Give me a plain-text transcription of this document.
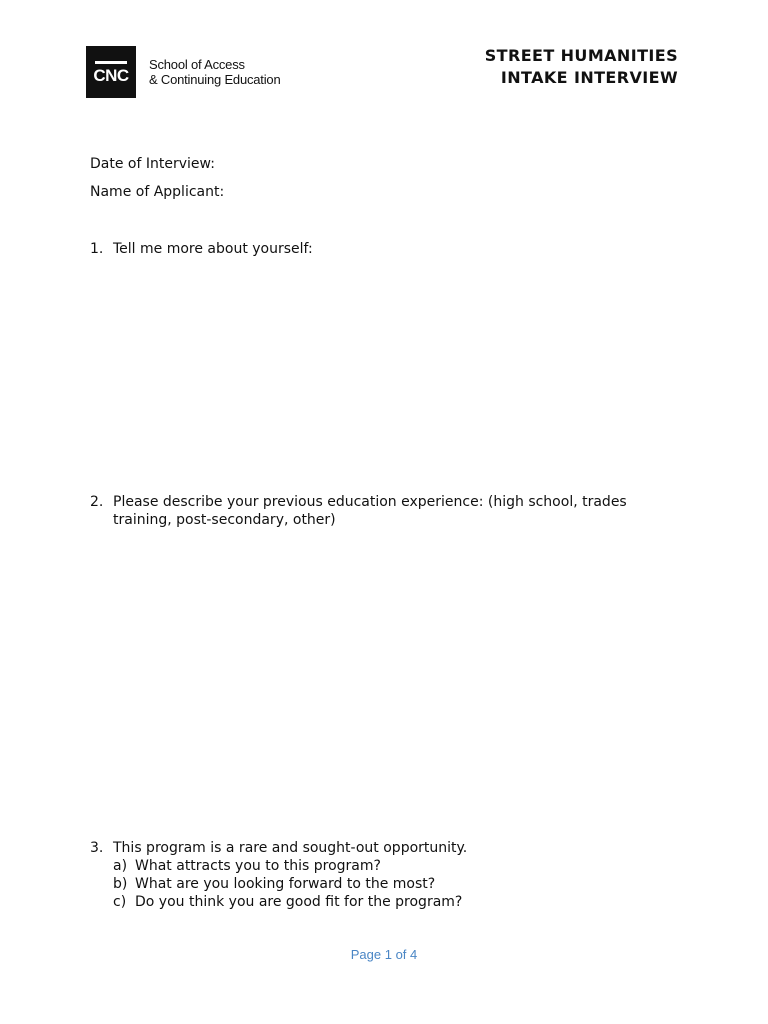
CNC
School of Access
& Continuing Education
STREET HUMANITIES
INTAKE INTERVIEW
Date of Interview:
Name of Applicant:
1. Tell me more about yourself:
2. Please describe your previous education experience: (high school, trades training, post-secondary, other)
3. This program is a rare and sought-out opportunity.
a) What attracts you to this program?
b) What are you looking forward to the most?
c) Do you think you are good fit for the program?
Page 1 of 4
